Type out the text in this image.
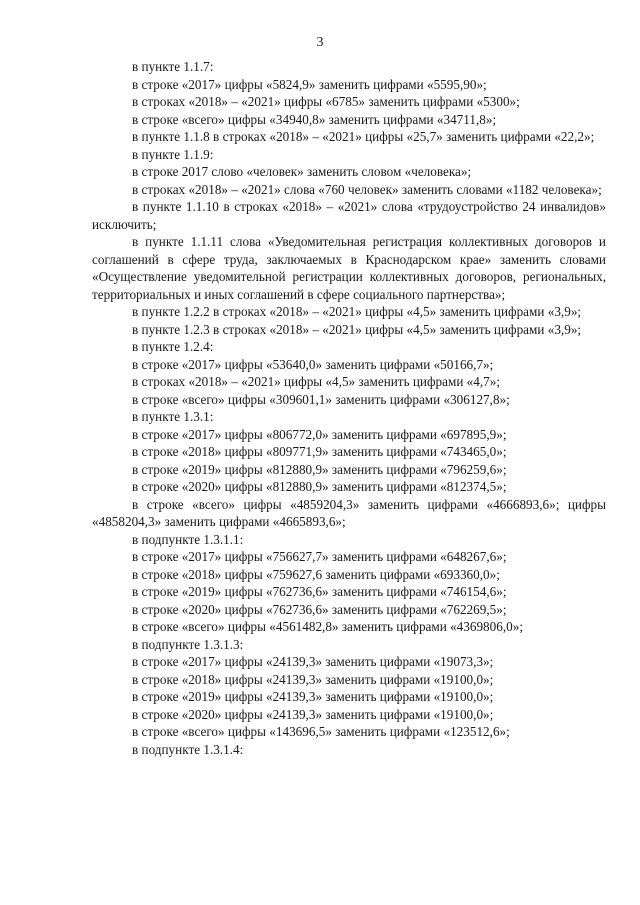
3

в пункте 1.1.7:

в строке «2017» цифры «5824,9» заменить цифрами «5595,90»;

в строках «2018» – «2021» цифры «6785» заменить цифрами «5300»;

в строке «всего» цифры «34940,8» заменить цифрами «34711,8»;

в пункте 1.1.8 в строках «2018» – «2021» цифры «25,7» заменить цифрами «22,2»;

в пункте 1.1.9:

в строке 2017 слово «человек» заменить словом «человека»;

в строках «2018» – «2021» слова «760 человек» заменить словами «1182 человека»;

в пункте 1.1.10 в строках «2018» – «2021» слова «трудоустройство 24 инвалидов» исключить;

в пункте 1.1.11 слова «Уведомительная регистрация коллективных договоров и соглашений в сфере труда, заключаемых в Краснодарском крае» заменить словами «Осуществление уведомительной регистрации коллективных договоров, региональных, территориальных и иных соглашений в сфере социального партнерства»;

в пункте 1.2.2 в строках «2018» – «2021» цифры «4,5» заменить цифрами «3,9»;

в пункте 1.2.3 в строках «2018» – «2021» цифры «4,5» заменить цифрами «3,9»;

в пункте 1.2.4:

в строке «2017» цифры «53640,0» заменить цифрами «50166,7»;

в строках «2018» – «2021» цифры «4,5» заменить цифрами «4,7»;

в строке «всего» цифры «309601,1» заменить цифрами «306127,8»;

в пункте 1.3.1:

в строке «2017» цифры «806772,0» заменить цифрами «697895,9»;

в строке «2018» цифры «809771,9» заменить цифрами «743465,0»;

в строке «2019» цифры «812880,9» заменить цифрами «796259,6»;

в строке «2020» цифры «812880,9» заменить цифрами «812374,5»;

в строке «всего» цифры «4859204,3» заменить цифрами «4666893,6»; цифры «4858204,3» заменить цифрами «4665893,6»;

в подпункте 1.3.1.1:

в строке «2017» цифры «756627,7» заменить цифрами «648267,6»;

в строке «2018» цифры «759627,6 заменить цифрами «693360,0»;

в строке «2019» цифры «762736,6» заменить цифрами «746154,6»;

в строке «2020» цифры «762736,6» заменить цифрами «762269,5»;

в строке «всего» цифры «4561482,8» заменить цифрами «4369806,0»;

в подпункте 1.3.1.3:

в строке «2017» цифры «24139,3» заменить цифрами «19073,3»;

в строке «2018» цифры «24139,3» заменить цифрами «19100,0»;

в строке «2019» цифры «24139,3» заменить цифрами «19100,0»;

в строке «2020» цифры «24139,3» заменить цифрами «19100,0»;

в строке «всего» цифры «143696,5» заменить цифрами «123512,6»;

в подпункте 1.3.1.4:
